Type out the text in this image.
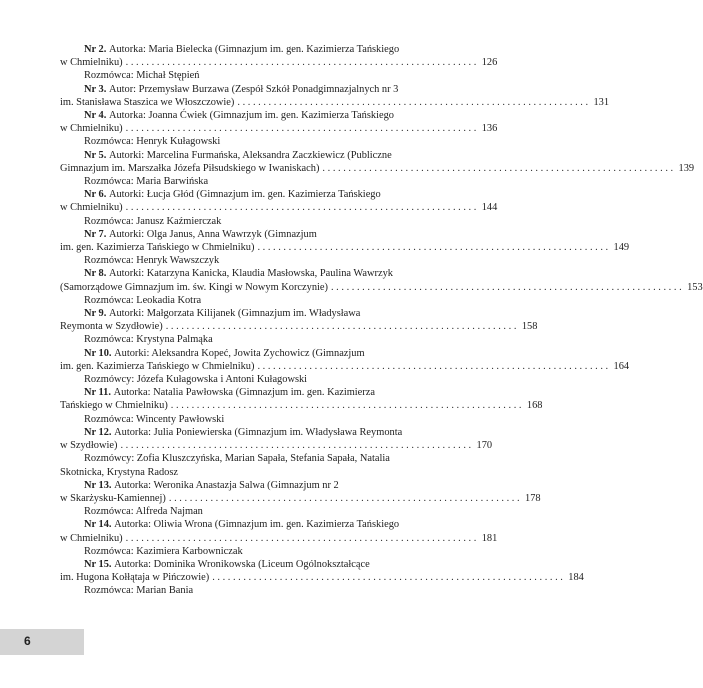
Nr 2.
Autorka: Maria Bielecka (Gimnazjum im. gen. Kazimierza Tańskiego
w Chmielniku) . . . . . . . . . . . . . . . . . . . . . . . . . . . . . . . . . . . . . . . . . . . . . . . . . . . . . . . . . . . . . . . . . . . . 126
Rozmówca: Michał Stępień
Nr 3.
Autor: Przemysław Burzawa (Zespół Szkół Ponadgimnazjalnych nr 3
im. Stanisława Staszica we Włoszczowie) . . . . . . . . . . . . . . . . . . . . . . . . . . . . . . . . . . . . . . . . . . . . . . . . . . . . . . . . . . . . . . . . . . . . 131
Nr 4.
Autorka: Joanna Ćwiek (Gimnazjum im. gen. Kazimierza Tańskiego
w Chmielniku) . . . . . . . . . . . . . . . . . . . . . . . . . . . . . . . . . . . . . . . . . . . . . . . . . . . . . . . . . . . . . . . . . . . . 136
Rozmówca: Henryk Kułagowski
Nr 5.
Autorki: Marcelina Furmańska, Aleksandra Zaczkiewicz (Publiczne
Gimnazjum im. Marszałka Józefa Piłsudskiego w Iwaniskach) . . . . . . . . . . . . . . . . . . . . . . . . . . . . . . . . . . . . . . . . . . . . . . . . . . . . . . . . . . . . . . . . . . . . 139
Rozmówca: Maria Barwińska
Nr 6.
Autorki: Łucja Głód (Gimnazjum im. gen. Kazimierza Tańskiego
w Chmielniku) . . . . . . . . . . . . . . . . . . . . . . . . . . . . . . . . . . . . . . . . . . . . . . . . . . . . . . . . . . . . . . . . . . . . 144
Rozmówca: Janusz Kaźmierczak
Nr 7.
Autorki: Olga Janus, Anna Wawrzyk (Gimnazjum
im. gen. Kazimierza Tańskiego w Chmielniku) . . . . . . . . . . . . . . . . . . . . . . . . . . . . . . . . . . . . . . . . . . . . . . . . . . . . . . . . . . . . . . . . . . . . 149
Rozmówca: Henryk Wawszczyk
Nr 8.
Autorki: Katarzyna Kanicka, Klaudia Masłowska, Paulina Wawrzyk
(Samorządowe Gimnazjum im. św. Kingi w Nowym Korczynie) . . . . . . . . . . . . . . . . . . . . . . . . . . . . . . . . . . . . . . . . . . . . . . . . . . . . . . . . . . . . . . . . . . . . 153
Rozmówca: Leokadia Kotra
Nr 9.
Autorki: Małgorzata Kilijanek (Gimnazjum im. Władysława
Reymonta w Szydłowie) . . . . . . . . . . . . . . . . . . . . . . . . . . . . . . . . . . . . . . . . . . . . . . . . . . . . . . . . . . . . . . . . . . . . 158
Rozmówca: Krystyna Palmąka
Nr 10.
Autorki: Aleksandra Kopeć, Jowita Zychowicz (Gimnazjum
im. gen. Kazimierza Tańskiego w Chmielniku) . . . . . . . . . . . . . . . . . . . . . . . . . . . . . . . . . . . . . . . . . . . . . . . . . . . . . . . . . . . . . . . . . . . . 164
Rozmówcy: Józefa Kułagowska i Antoni Kułagowski
Nr 11.
Autorka: Natalia Pawłowska (Gimnazjum im. gen. Kazimierza
Tańskiego w Chmielniku) . . . . . . . . . . . . . . . . . . . . . . . . . . . . . . . . . . . . . . . . . . . . . . . . . . . . . . . . . . . . . . . . . . . . 168
Rozmówca: Wincenty Pawłowski
Nr 12.
Autorka: Julia Poniewierska (Gimnazjum im. Władysława Reymonta
w Szydłowie) . . . . . . . . . . . . . . . . . . . . . . . . . . . . . . . . . . . . . . . . . . . . . . . . . . . . . . . . . . . . . . . . . . . . 170
Rozmówcy: Zofia Kluszczyńska, Marian Sapała, Stefania Sapała, Natalia
Skotnicka, Krystyna Radosz
Nr 13.
Autorka: Weronika Anastazja Salwa (Gimnazjum nr 2
w Skarżysku-Kamiennej) . . . . . . . . . . . . . . . . . . . . . . . . . . . . . . . . . . . . . . . . . . . . . . . . . . . . . . . . . . . . . . . . . . . . 178
Rozmówca: Alfreda Najman
Nr 14.
Autorka: Oliwia Wrona (Gimnazjum im. gen. Kazimierza Tańskiego
w Chmielniku) . . . . . . . . . . . . . . . . . . . . . . . . . . . . . . . . . . . . . . . . . . . . . . . . . . . . . . . . . . . . . . . . . . . . 181
Rozmówca: Kazimiera Karbowniczak
Nr 15.
Autorka: Dominika Wronikowska (Liceum Ogólnokształcące
im. Hugona Kołłątaja w Pińczowie) . . . . . . . . . . . . . . . . . . . . . . . . . . . . . . . . . . . . . . . . . . . . . . . . . . . . . . . . . . . . . . . . . . . . 184
Rozmówca: Marian Bania
6
